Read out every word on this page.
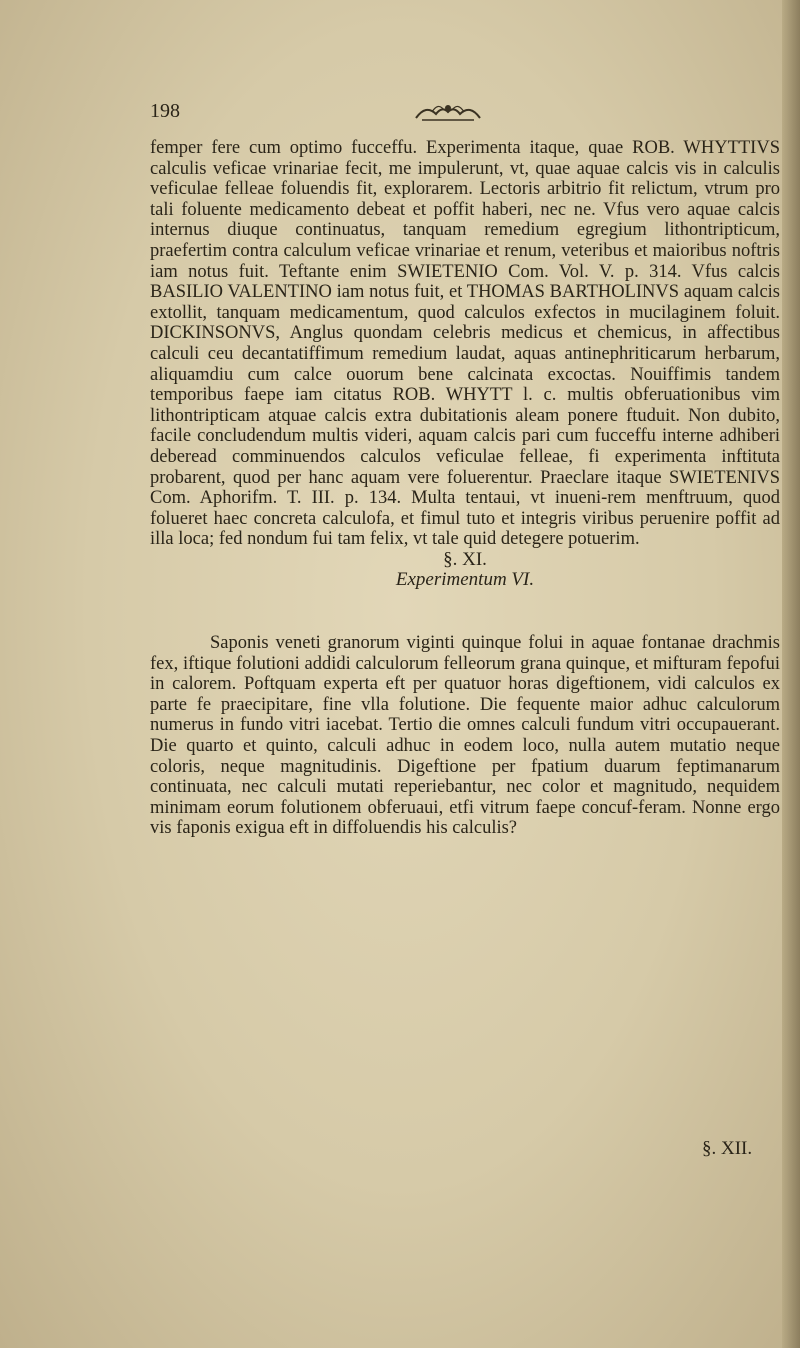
198

femper fere cum optimo fucceffu. Experimenta itaque, quae ROB. WHYTTIVS calculis veficae vrinariae fecit, me impulerunt, vt, quae aquae calcis vis in calculis veficulae felleae foluendis fit, explorarem. Lectoris arbitrio fit relictum, vtrum pro tali foluente medicamento debeat et poffit haberi, nec ne. Vfus vero aquae calcis internus diuque continuatus, tanquam remedium egregium lithontripticum, praefertim contra calculum veficae vrinariae et renum, veteribus et maioribus noftris iam notus fuit. Teftante enim SWIETENIO Com. Vol. V. p. 314. Vfus calcis BASILIO VALENTINO iam notus fuit, et THOMAS BARTHOLINVS aquam calcis extollit, tanquam medicamentum, quod calculos exfectos in mucilaginem foluit. DICKINSONVS, Anglus quondam celebris medicus et chemicus, in affectibus calculi ceu decantatiffimum remedium laudat, aquas antinephriticarum herbarum, aliquamdiu cum calce ouorum bene calcinata excoctas. Nouiffimis tandem temporibus faepe iam citatus ROB. WHYTT l. c. multis obferuationibus vim lithontripticam atquae calcis extra dubitationis aleam ponere ftuduit. Non dubito, facile concludendum multis videri, aquam calcis pari cum fucceffu interne adhiberi deberead comminuendos calculos veficulae felleae, fi experimenta inftituta probarent, quod per hanc aquam vere foluerentur. Praeclare itaque SWIETENIVS Com. Aphorifm. T. III. p. 134. Multa tentaui, vt inueni-rem menftruum, quod folueret haec concreta calculofa, et fimul tuto et integris viribus peruenire poffit ad illa loca; fed nondum fui tam felix, vt tale quid detegere potuerim.

§. XI.

Experimentum VI.

Saponis veneti granorum viginti quinque folui in aquae fontanae drachmis fex, iftique folutioni addidi calculorum felleorum grana quinque, et mifturam fepofui in calorem. Poftquam experta eft per quatuor horas digeftionem, vidi calculos ex parte fe praecipitare, fine vlla folutione. Die fequente maior adhuc calculorum numerus in fundo vitri iacebat. Tertio die omnes calculi fundum vitri occupauerant. Die quarto et quinto, calculi adhuc in eodem loco, nulla autem mutatio neque coloris, neque magnitudinis. Digeftione per fpatium duarum feptimanarum continuata, nec calculi mutati reperiebantur, nec color et magnitudo, nequidem minimam eorum folutionem obferuaui, etfi vitrum faepe concuf-feram. Nonne ergo vis faponis exigua eft in diffoluendis his calculis?

§. XII.
